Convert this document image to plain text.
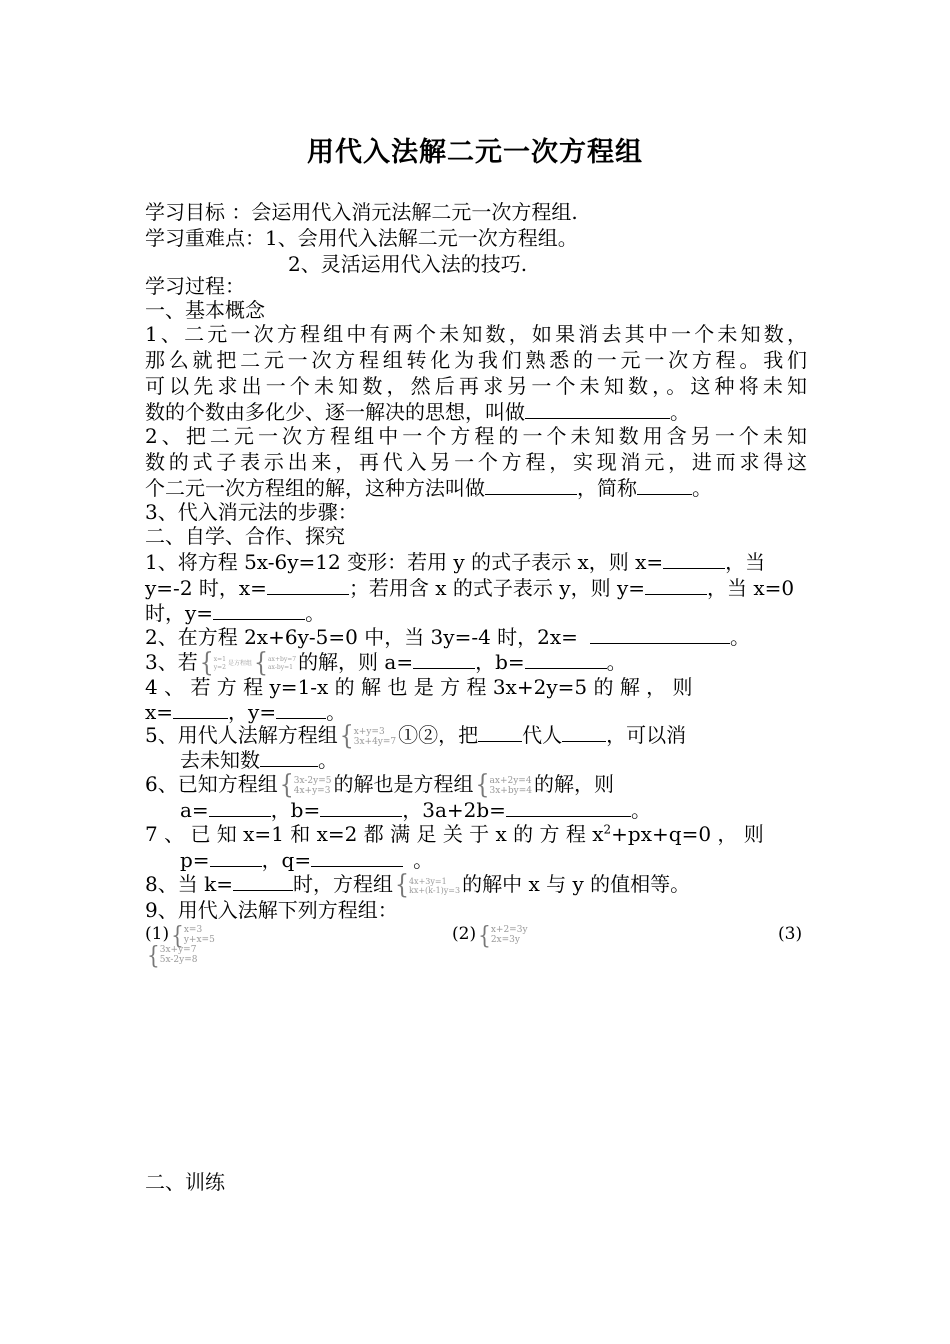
用代入法解二元一次方程组
学习目标 ：会运用代入消元法解二元一次方程组.
学习重难点：1、会用代入法解二元一次方程组。
2、灵活运用代入法的技巧.
学习过程：
一、基本概念
1、二元一次方程组中有两个未知数，如果消去其中一个未知数，
那么就把二元一次方程组转化为我们熟悉的一元一次方程。我们
可以先求出一个未知数，然后再求另一个未知数，。这种将未知
数的个数由多化少、逐一解决的思想，叫做	。
2、把二元一次方程组中一个方程的一个未知数用含另一个未知
数的式子表示出来，再代入另一个方程，实现消元，进而求得这
个二元一次方程组的解，这种方法叫做	，简称	。
3、代入消元法的步骤：
二、自学、合作、探究
1、将方程 5x-6y=12 变形：若用 y 的式子表示 x，则 x=	，当
y=-2 时，x=	；若用含 x 的式子表示 y，则 y=	，当 x=0
时，y=	。
2、在方程 2x+6y-5=0 中，当 3y=-4 时，2x=	。
3、若{x=1
y=2是方程组{ax+by=7
ax-by=1 的解，则 a=	，b=	。
4 、 若 方 程 y=1-x 的 解 也 是 方 程 3x+2y=5 的 解 ， 则
x=	，y=	。
5、用代人法解方程组{x+y=3
3x+4y=7 ①②，把 代人 ，可以消
去未知数	。
6、已知方程组{3x-2y=5
4x+y=3 的解也是方程组{ax+2y=4
3x+by=4 的解，则
a=	，b=	，3a+2b=	。
7 、 已 知 x=1 和 x=2 都 满 足 关 于 x 的 方 程 $x^2+px+q=0$ ， 则
p=	，q=	。
8、当 k=	时，方程组{4x+3y=1
kx+(k-1)y=3 的解中 x 与 y 的值相等。
9、用代入法解下列方程组：
(1) {x=3
y+x=5	(2) {x+2=3y
2x=3y	(3)
{3x+y=7
5x-2y=8
二、训练
